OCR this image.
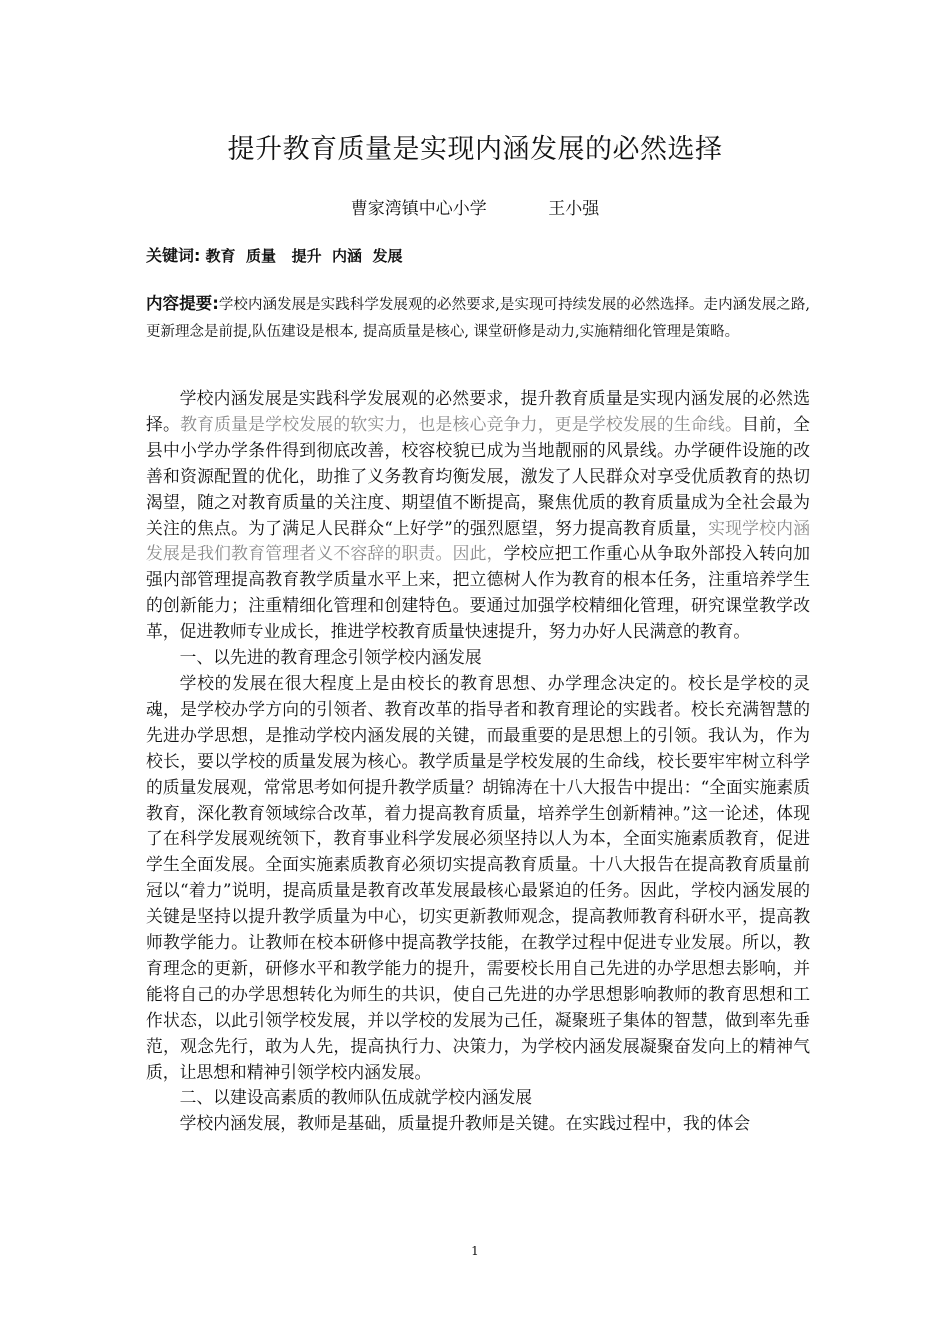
提升教育质量是实现内涵发展的必然选择
曹家湾镇中心小学	王小强
关键词: 教育  质量   提升  内涵  发展

内容提要:学校内涵发展是实践科学发展观的必然要求,是实现可持续发展的必然选择。走内涵发展之路,更新理念是前提,队伍建设是根本, 提高质量是核心, 课堂研修是动力,实施精细化管理是策略。

学校内涵发展是实践科学发展观的必然要求，提升教育质量是实现内涵发展的必然选择。教育质量是学校发展的软实力，也是核心竞争力，更是学校发展的生命线。目前，全县中小学办学条件得到彻底改善，校容校貌已成为当地靓丽的风景线。办学硬件设施的改善和资源配置的优化，助推了义务教育均衡发展，激发了人民群众对享受优质教育的热切渴望，随之对教育质量的关注度、期望值不断提高，聚焦优质的教育质量成为全社会最为关注的焦点。为了满足人民群众“上好学”的强烈愿望，努力提高教育质量，实现学校内涵发展是我们教育管理者义不容辞的职责。因此，学校应把工作重心从争取外部投入转向加强内部管理提高教育教学质量水平上来，把立德树人作为教育的根本任务，注重培养学生的创新能力；注重精细化管理和创建特色。要通过加强学校精细化管理，研究课堂教学改革，促进教师专业成长，推进学校教育质量快速提升，努力办好人民满意的教育。

一、以先进的教育理念引领学校内涵发展

学校的发展在很大程度上是由校长的教育思想、办学理念决定的。校长是学校的灵魂，是学校办学方向的引领者、教育改革的指导者和教育理论的实践者。校长充满智慧的先进办学思想，是推动学校内涵发展的关键，而最重要的是思想上的引领。我认为，作为校长，要以学校的质量发展为核心。教学质量是学校发展的生命线，校长要牢牢树立科学的质量发展观，常常思考如何提升教学质量？胡锦涛在十八大报告中提出：“全面实施素质教育，深化教育领域综合改革，着力提高教育质量，培养学生创新精神。”这一论述，体现了在科学发展观统领下，教育事业科学发展必须坚持以人为本，全面实施素质教育，促进学生全面发展。全面实施素质教育必须切实提高教育质量。十八大报告在提高教育质量前冠以“着力”说明，提高质量是教育改革发展最核心最紧迫的任务。因此，学校内涵发展的关键是坚持以提升教学质量为中心，切实更新教师观念，提高教师教育科研水平，提高教师教学能力。让教师在校本研修中提高教学技能，在教学过程中促进专业发展。所以，教育理念的更新，研修水平和教学能力的提升，需要校长用自己先进的办学思想去影响，并能将自己的办学思想转化为师生的共识，使自己先进的办学思想影响教师的教育思想和工作状态，以此引领学校发展，并以学校的发展为己任，凝聚班子集体的智慧，做到率先垂范，观念先行，敢为人先，提高执行力、决策力，为学校内涵发展凝聚奋发向上的精神气质，让思想和精神引领学校内涵发展。

二、以建设高素质的教师队伍成就学校内涵发展

学校内涵发展，教师是基础，质量提升教师是关键。在实践过程中，我的体会

1
